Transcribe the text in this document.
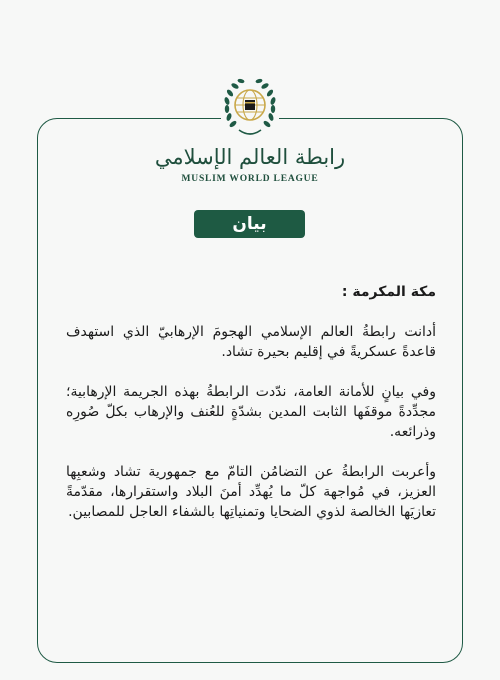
رابطة العالم الإسلامي
MUSLIM WORLD LEAGUE
بيان
مكة المكرمة :

أدانت رابطةُ العالم الإسلامي الهجومَ الإرهابيّ الذي استهدف قاعدةً عسكريةً في إقليم بحيرة تشاد.

وفي بيانٍ للأمانة العامة، ندّدت الرابطةُ بهذه الجريمة الإرهابية؛ مجدِّدةً موقفَها الثابت المدين بشدّةٍ للعُنف والإرهاب بكلّ صُورِه وذرائعه.

وأعربت الرابطةُ عن التضامُن التامّ مع جمهورية تشاد وشعبِها العزيز، في مُواجهة كلّ ما يُهدِّد أمنَ البلاد واستقرارها، مقدّمةً تعازيَها الخالصة لذوي الضحايا وتمنياتِها بالشفاء العاجل للمصابين.
